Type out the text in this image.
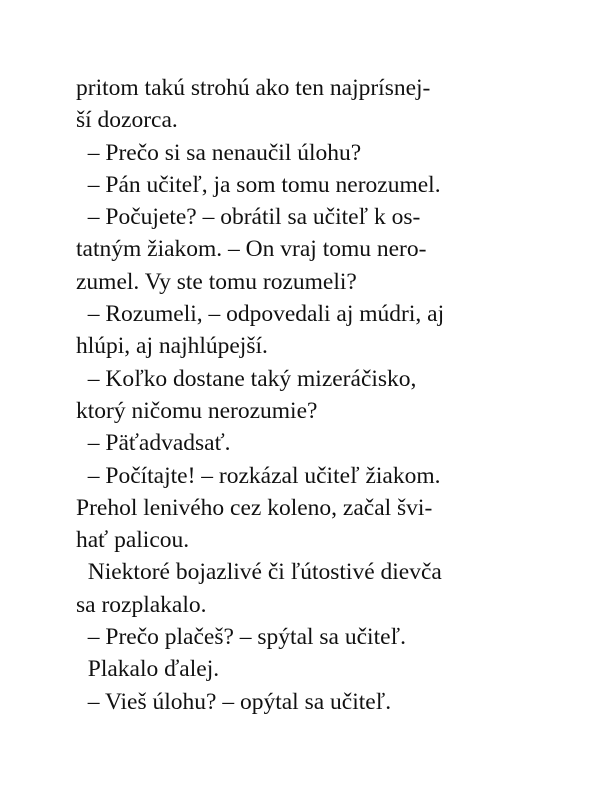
pritom takú strohú ako ten najprísnej-
ší dozorca.
– Prečo si sa nenaučil úlohu?
– Pán učiteľ, ja som tomu nerozumel.
– Počujete? – obrátil sa učiteľ k os-
tatným žiakom. – On vraj tomu nero-
zumel. Vy ste tomu rozumeli?
– Rozumeli, – odpovedali aj múdri, aj
hlúpi, aj najhlúpejší.
– Koľko dostane taký mizeráčisko,
ktorý ničomu nerozumie?
– Päťadvadsať.
– Počítajte! – rozkázal učiteľ žiakom.
Prehol lenivého cez koleno, začal švi-
hať palicou.
Niektoré bojazlivé či ľútostivé dievča
sa rozplakalo.
– Prečo plačeš? – spýtal sa učiteľ.
Plakalo ďalej.
– Vieš úlohu? – opýtal sa učiteľ.
